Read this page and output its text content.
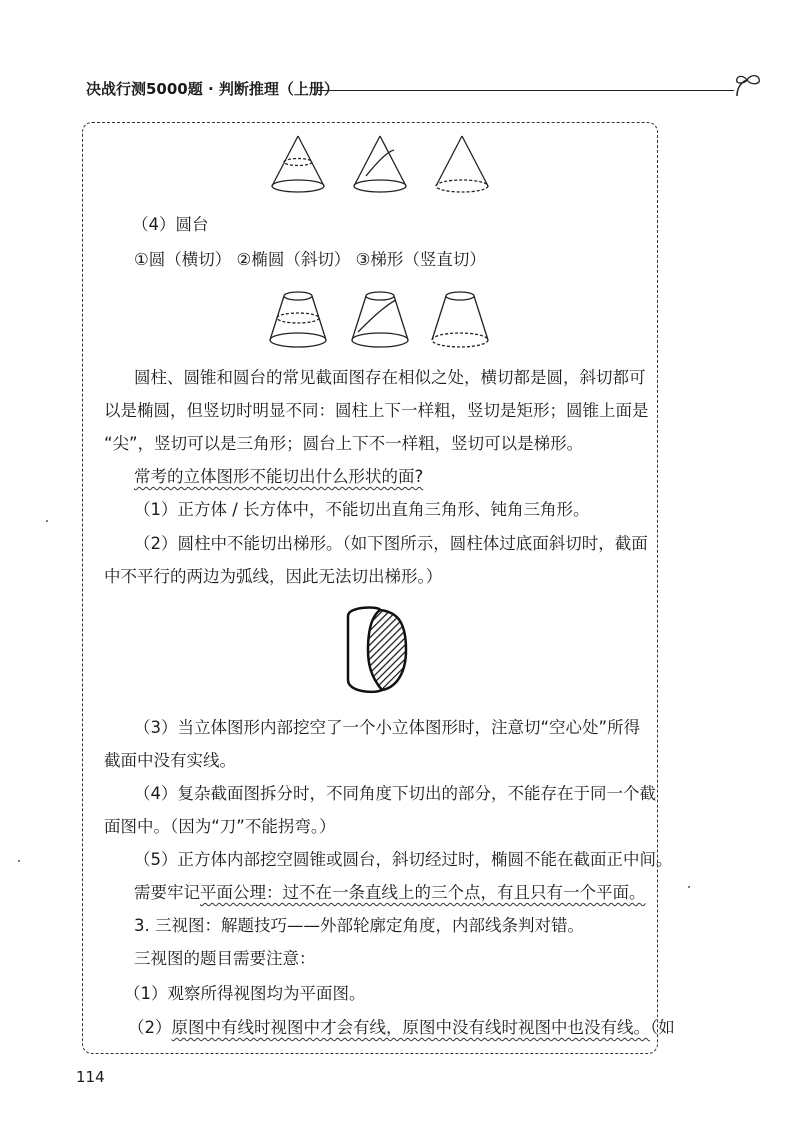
决战行测5000题 · 判断推理（上册）
（4）圆台
①圆（横切） ②椭圆（斜切） ③梯形（竖直切）
圆柱、圆锥和圆台的常见截面图存在相似之处，横切都是圆，斜切都可
以是椭圆，但竖切时明显不同：圆柱上下一样粗，竖切是矩形；圆锥上面是
“尖”，竖切可以是三角形；圆台上下不一样粗，竖切可以是梯形。
常考的立体图形不能切出什么形状的面?
（1）正方体 / 长方体中，不能切出直角三角形、钝角三角形。
（2）圆柱中不能切出梯形。（如下图所示，圆柱体过底面斜切时，截面
中不平行的两边为弧线，因此无法切出梯形。）
（3）当立体图形内部挖空了一个小立体图形时，注意切“空心处”所得
截面中没有实线。
（4）复杂截面图拆分时，不同角度下切出的部分，不能存在于同一个截
面图中。（因为“刀”不能拐弯。）
（5）正方体内部挖空圆锥或圆台，斜切经过时，椭圆不能在截面正中间。
需要牢记平面公理：过不在一条直线上的三个点，有且只有一个平面。
3. 三视图：解题技巧——外部轮廓定角度，内部线条判对错。
三视图的题目需要注意：
（1）观察所得视图均为平面图。
（2）原图中有线时视图中才会有线，原图中没有线时视图中也没有线。（如
114
